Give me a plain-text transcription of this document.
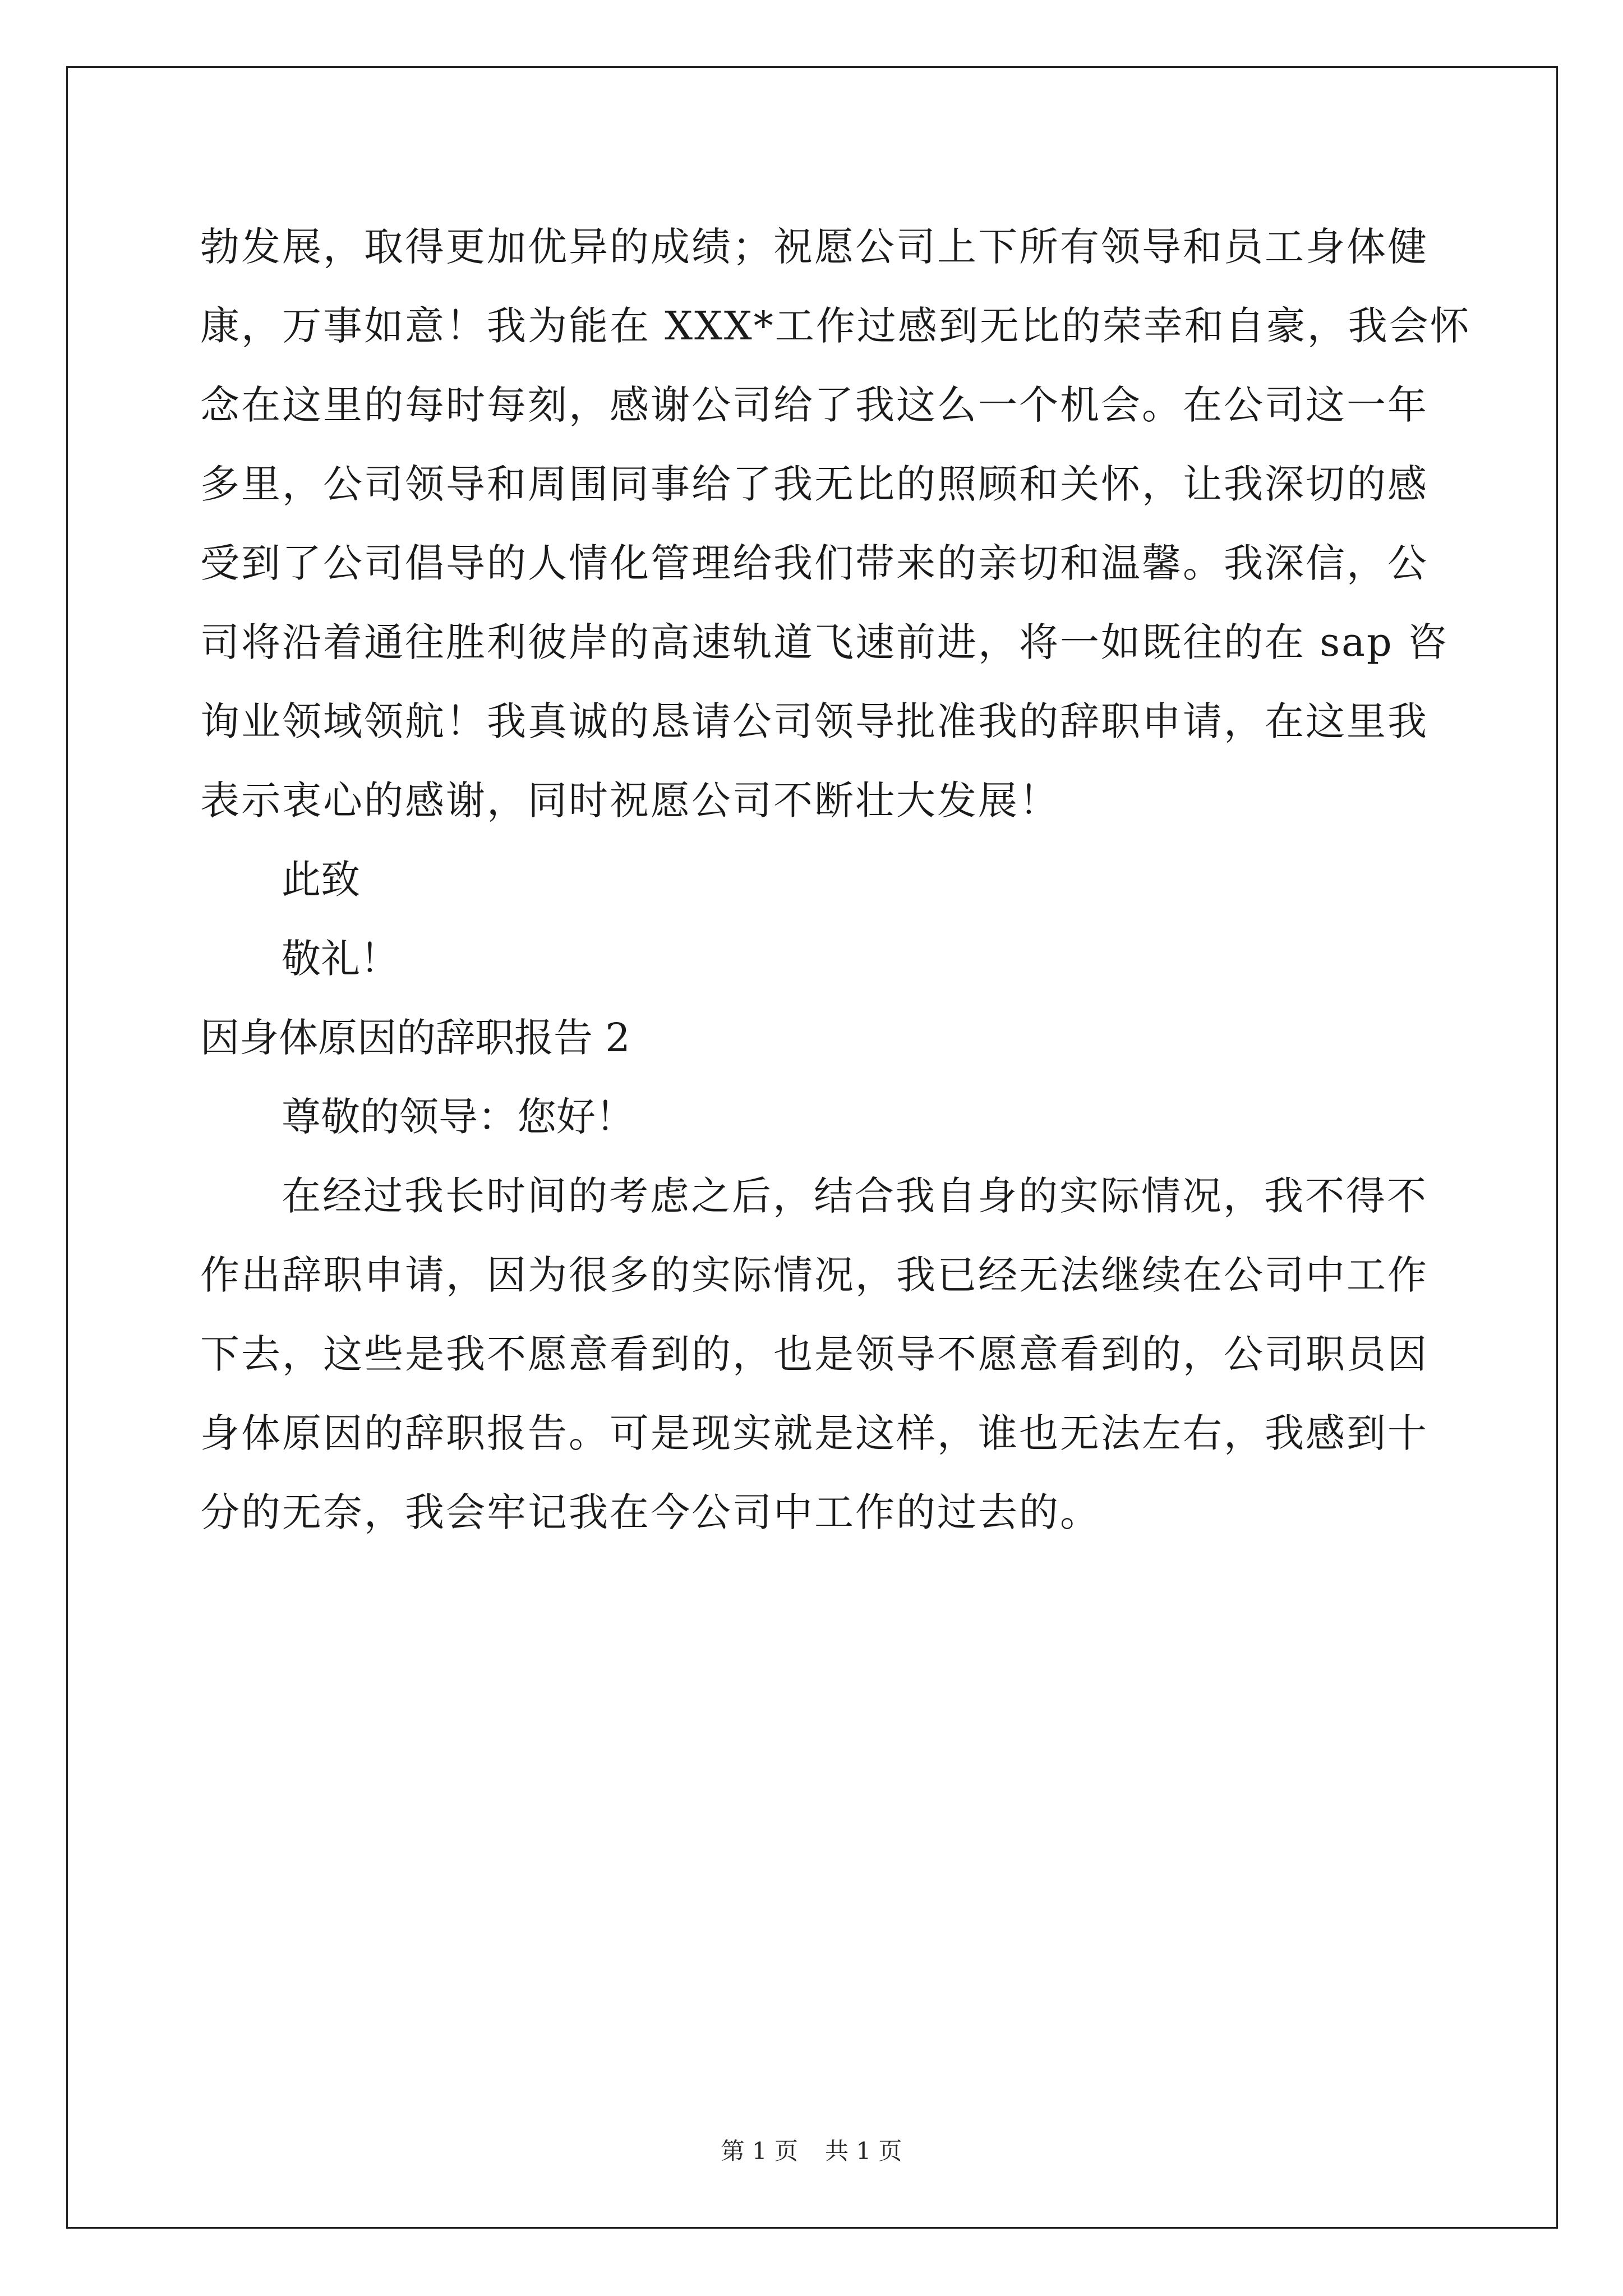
勃发展，取得更加优异的成绩；祝愿公司上下所有领导和员工身体健
康，万事如意！我为能在 XXX*工作过感到无比的荣幸和自豪，我会怀
念在这里的每时每刻，感谢公司给了我这么一个机会。在公司这一年
多里，公司领导和周围同事给了我无比的照顾和关怀，让我深切的感
受到了公司倡导的人情化管理给我们带来的亲切和温馨。我深信，公
司将沿着通往胜利彼岸的高速轨道飞速前进，将一如既往的在 sap 咨
询业领域领航！我真诚的恳请公司领导批准我的辞职申请，在这里我
表示衷心的感谢，同时祝愿公司不断壮大发展！
此致
敬礼！
因身体原因的辞职报告 2
尊敬的领导：您好！
在经过我长时间的考虑之后，结合我自身的实际情况，我不得不
作出辞职申请，因为很多的实际情况，我已经无法继续在公司中工作
下去，这些是我不愿意看到的，也是领导不愿意看到的，公司职员因
身体原因的辞职报告。可是现实就是这样，谁也无法左右，我感到十
分的无奈，我会牢记我在今公司中工作的过去的。
第 1 页 共 1 页
